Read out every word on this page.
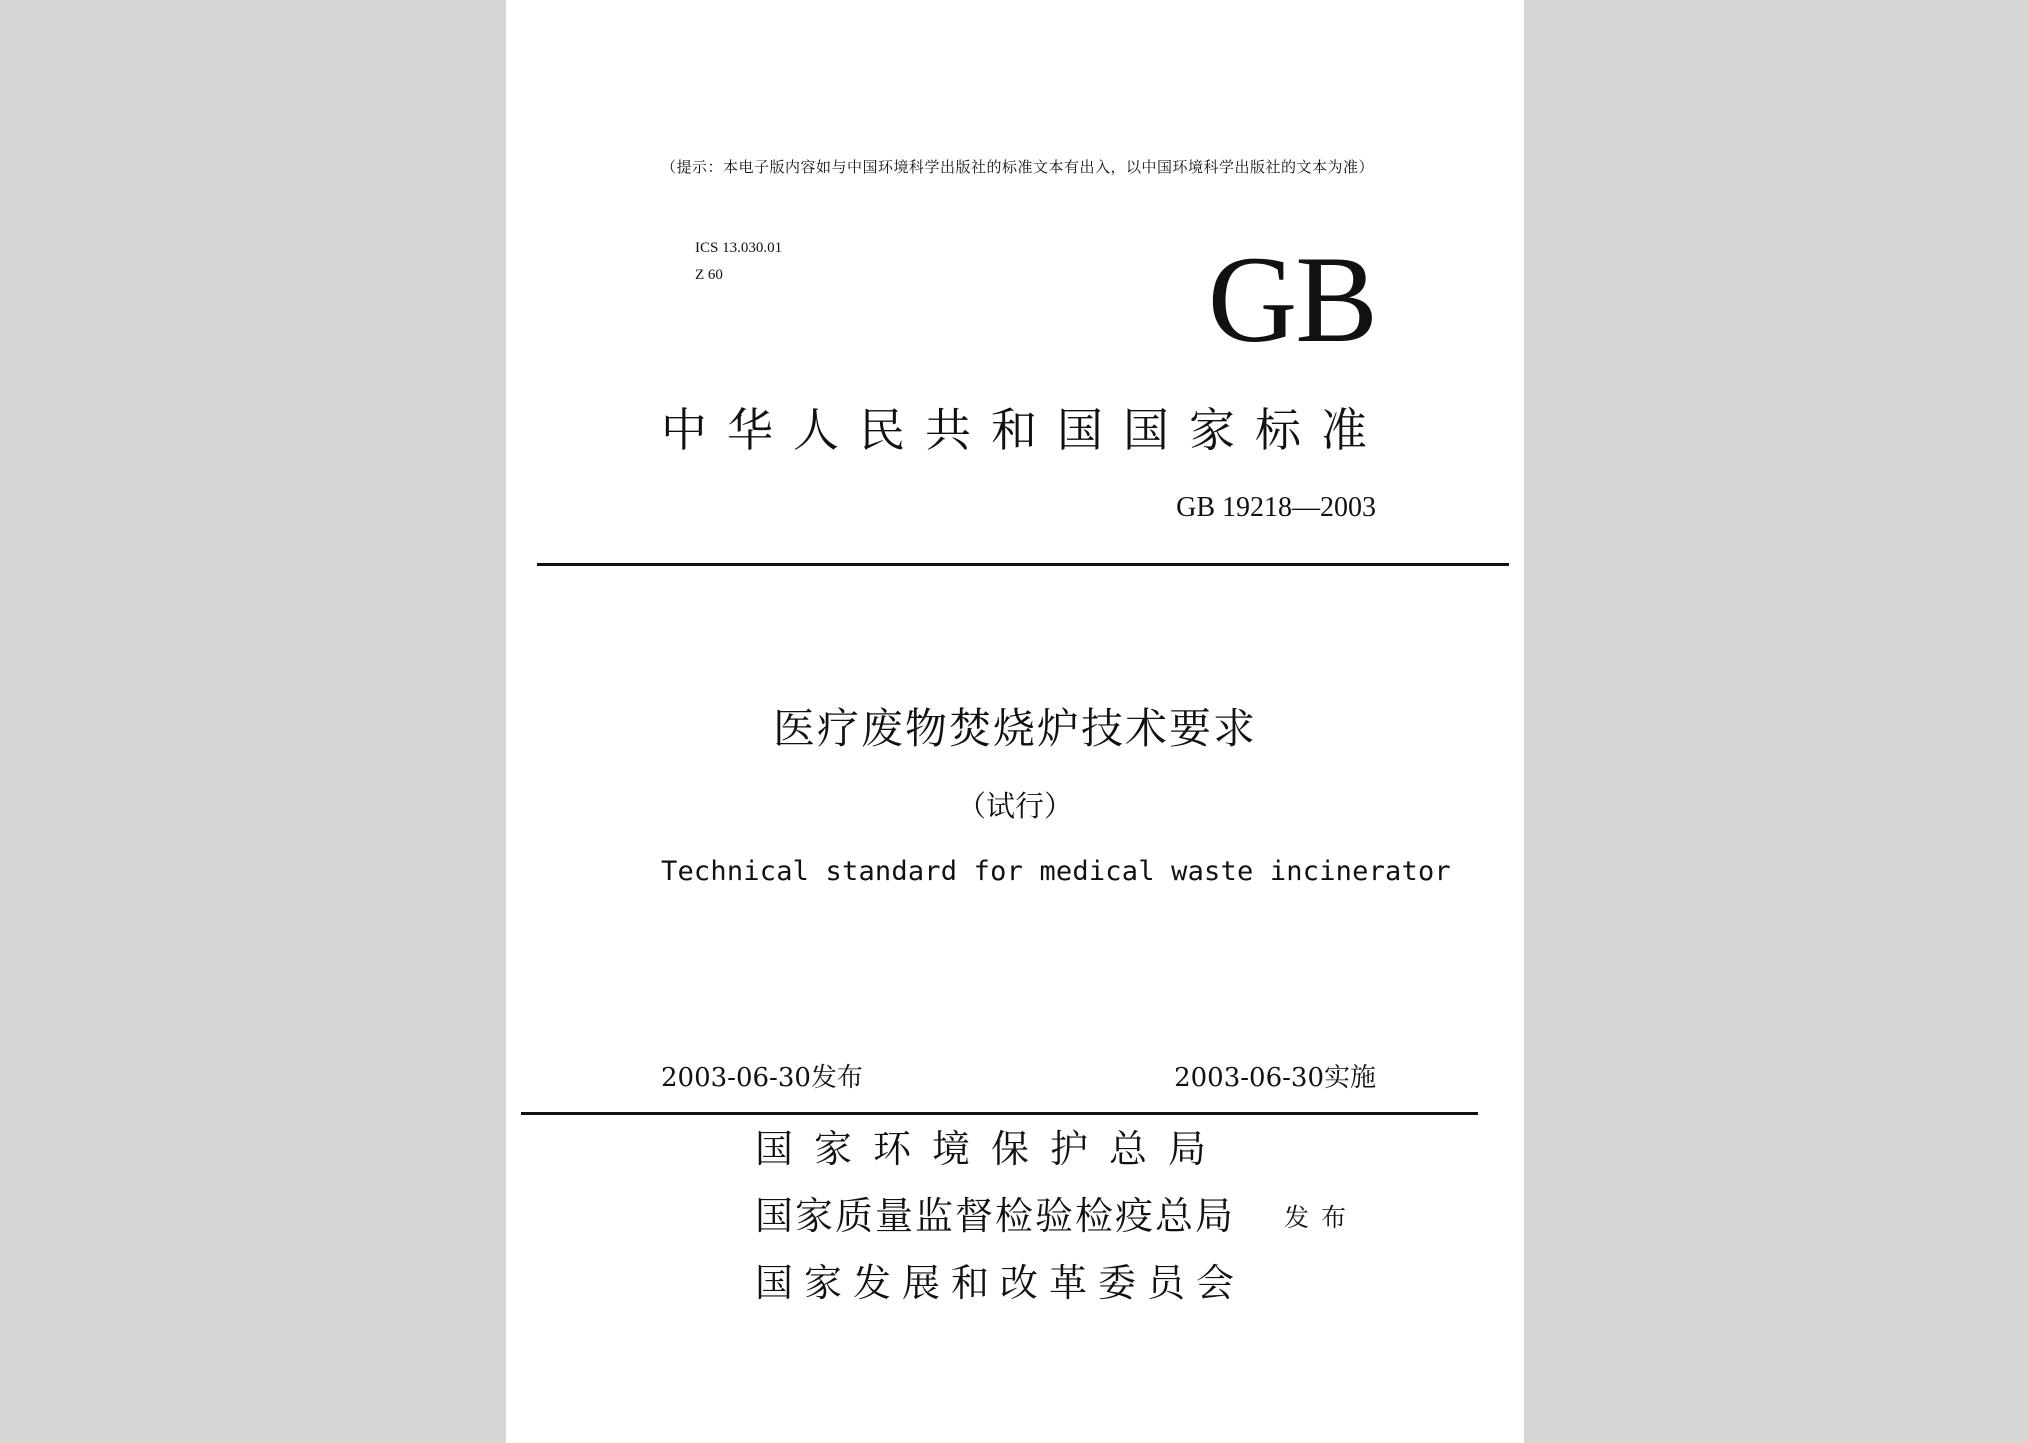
（提示：本电子版内容如与中国环境科学出版社的标准文本有出入，以中国环境科学出版社的文本为准）
ICS 13.030.01
Z 60	GB
中华人民共和国国家标准
GB 19218—2003
医疗废物焚烧炉技术要求
（试行）
Technical standard for medical waste incinerator
2003-06-30发布	2003-06-30实施
国家环境保护总局
国家质量监督检验检疫总局
国家发展和改革委员会
发布
